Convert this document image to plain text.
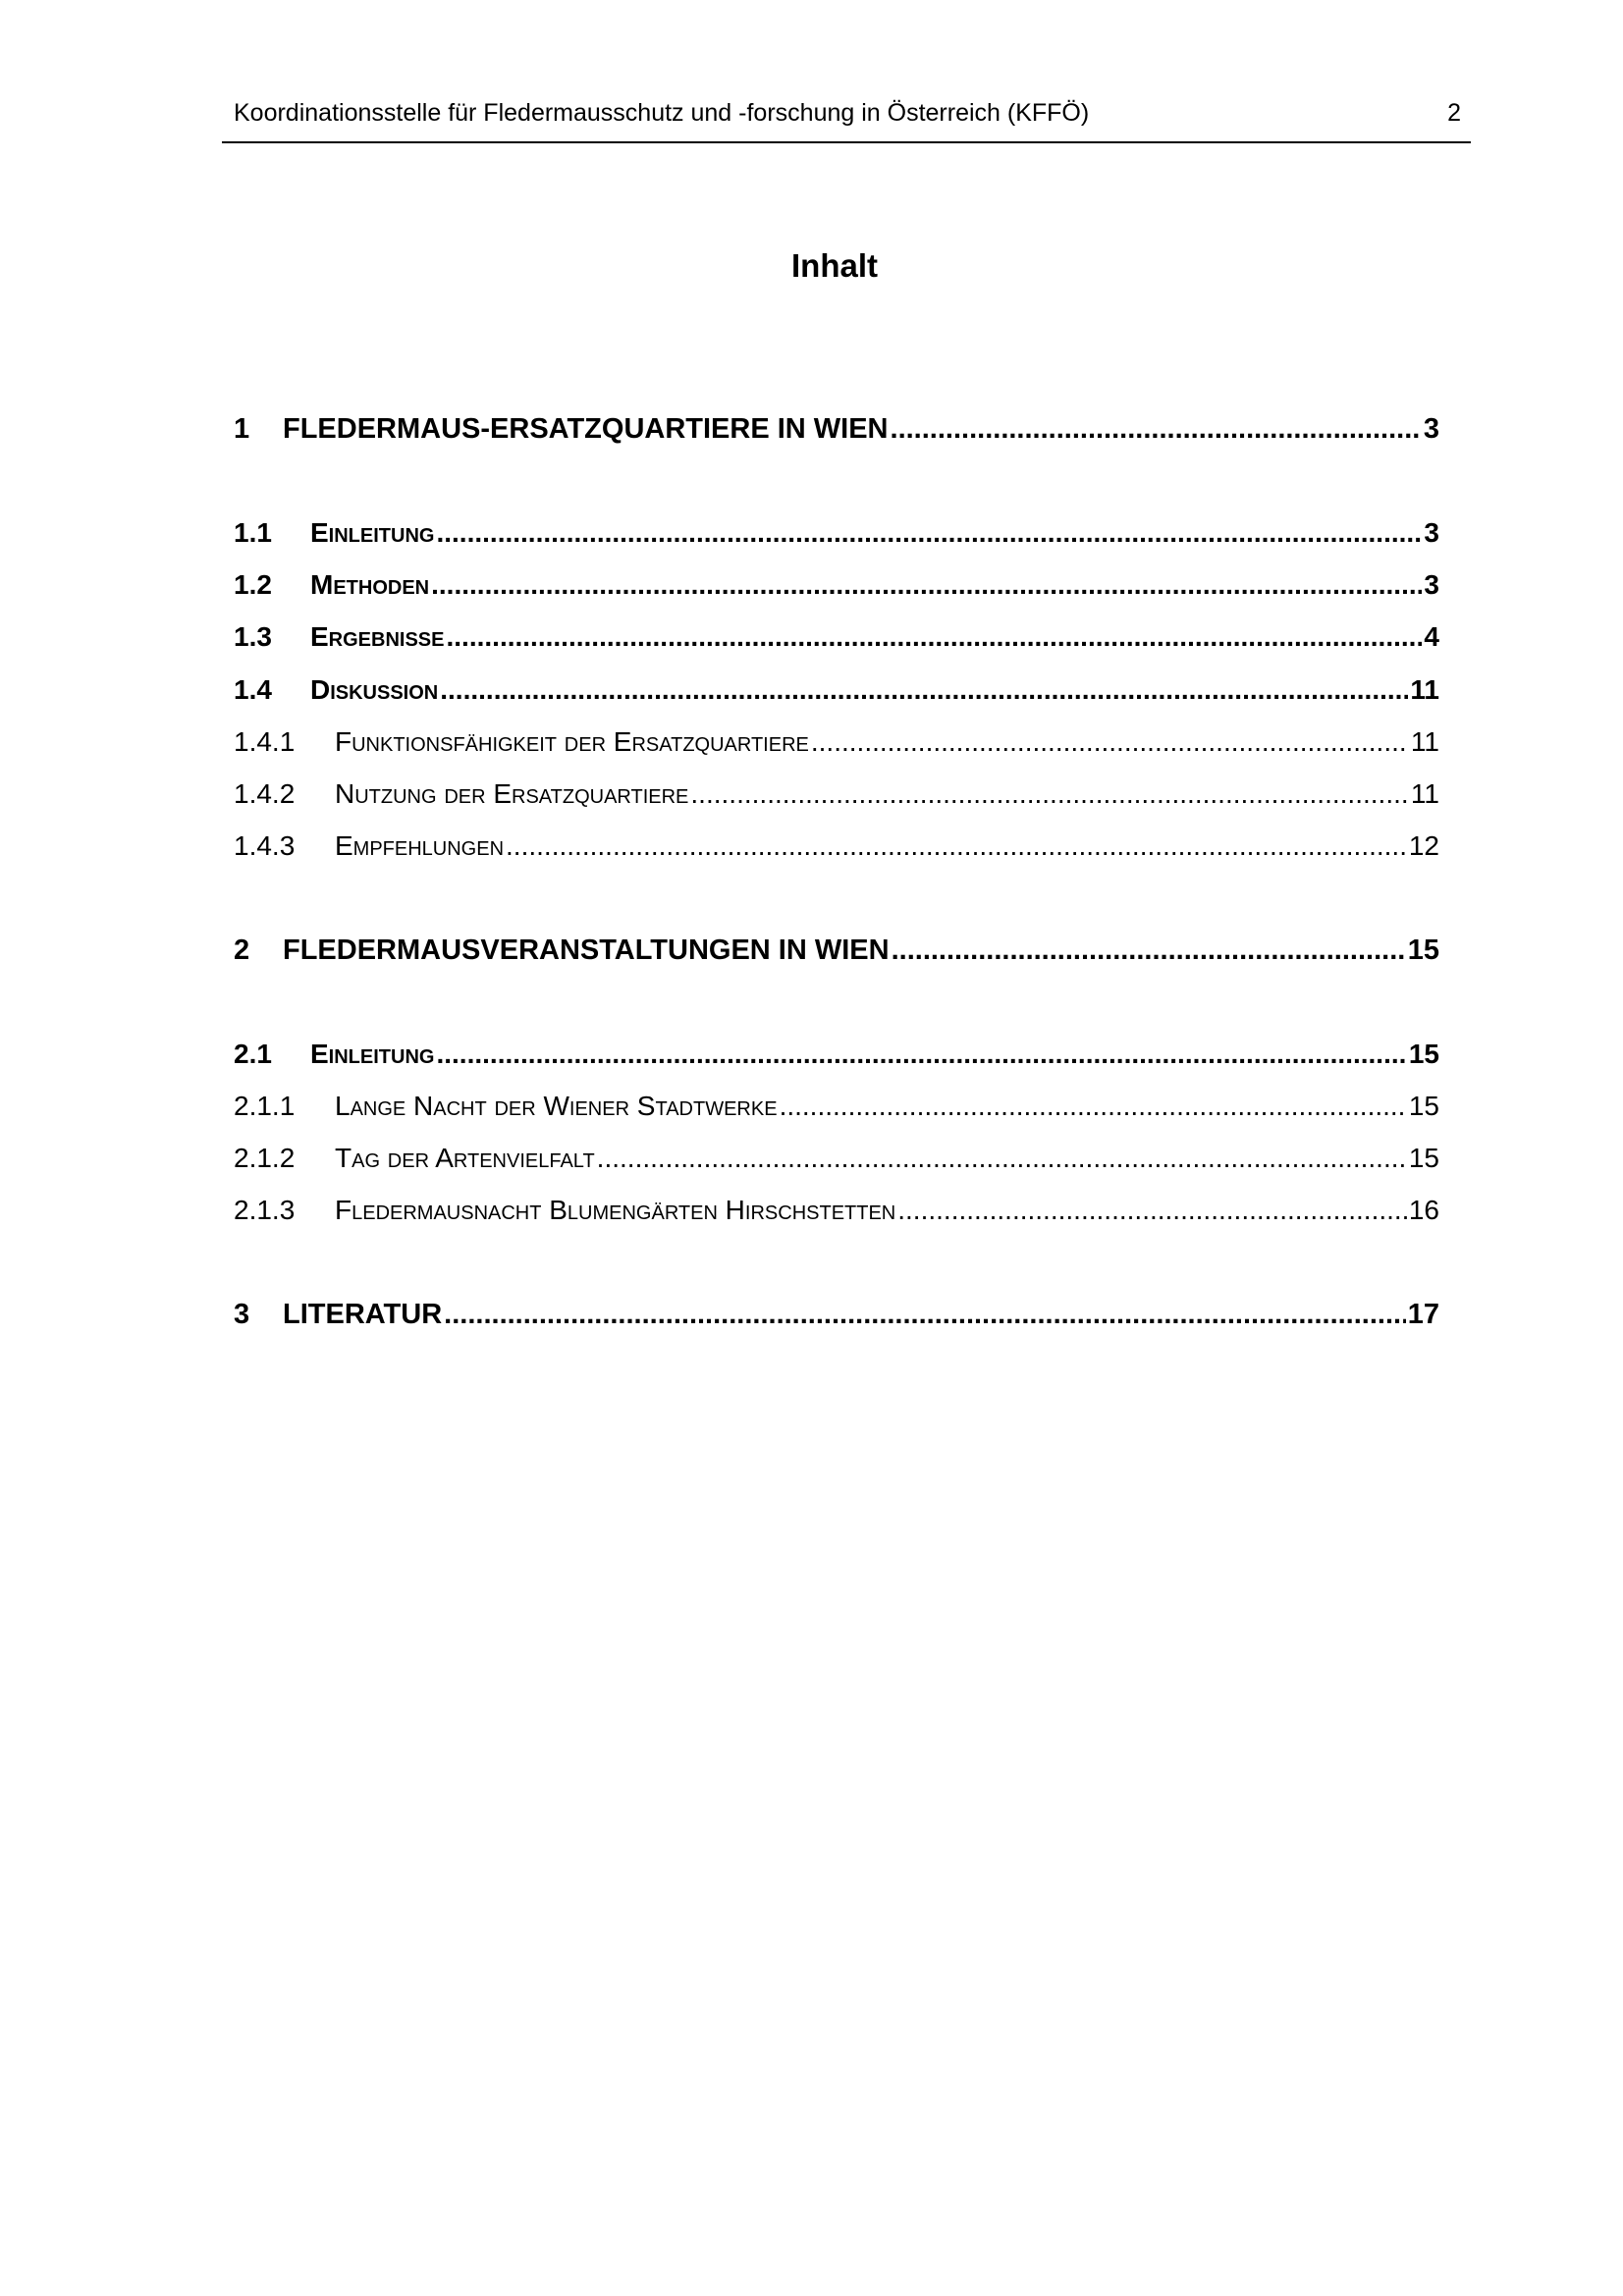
Koordinationsstelle für Fledermausschutz und -forschung in Österreich (KFFÖ)	2
Inhalt
1	FLEDERMAUS-ERSATZQUARTIERE IN WIEN .....	3
1.1	Einleitung .....	3
1.2	Methoden .....	3
1.3	Ergebnisse .....	4
1.4	Diskussion .....	11
1.4.1	Funktionsfähigkeit der Ersatzquartiere .....	11
1.4.2	Nutzung der Ersatzquartiere .....	11
1.4.3	Empfehlungen .....	12
2	FLEDERMAUSVERANSTALTUNGEN IN WIEN .....	15
2.1	Einleitung .....	15
2.1.1	Lange Nacht der Wiener Stadtwerke .....	15
2.1.2	Tag der Artenvielfalt .....	15
2.1.3	Fledermausnacht Blumengärten Hirschstetten .....	16
3	LITERATUR .....	17
